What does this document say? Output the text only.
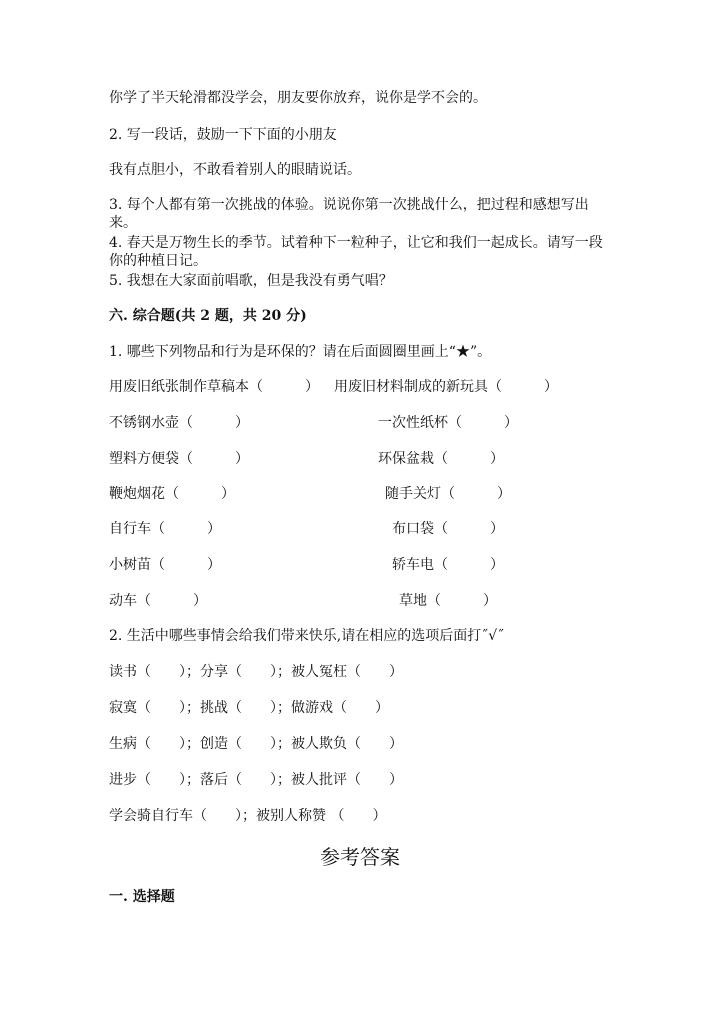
你学了半天轮滑都没学会，朋友要你放弃，说你是学不会的。
2. 写一段话，鼓励一下下面的小朋友
我有点胆小，不敢看着别人的眼睛说话。
3. 每个人都有第一次挑战的体验。说说你第一次挑战什么，把过程和感想写出来。
4. 春天是万物生长的季节。试着种下一粒种子，让它和我们一起成长。请写一段你的种植日记。
5. 我想在大家面前唱歌，但是我没有勇气唱？
六. 综合题(共 2 题，共 20 分)
1. 哪些下列物品和行为是环保的？请在后面圆圈里画上“★”。
用废旧纸张制作草稿本（　　　） 用废旧材料制成的新玩具（　　　）
不锈钢水壶（　　　）	一次性纸杯（　　　）
塑料方便袋（　　　）	环保盆栽（　　　）
鞭炮烟花（　　　）	随手关灯（　　　）
自行车（　　　）	布口袋（　　　）
小树苗（　　　）	轿车电（　　　）
动车（　　　）	草地（　　　）
2. 生活中哪些事情会给我们带来快乐,请在相应的选项后面打˝√˝
读书（　　）；分享（　　）；被人冤枉（　　）
寂寞（　　）；挑战（　　）；做游戏（　　）
生病（　　）；创造（　　）；被人欺负（　　）
进步（　　）；落后（　　）；被人批评（　　）
学会骑自行车（　　）；被别人称赞 （　　）
参考答案
一. 选择题
